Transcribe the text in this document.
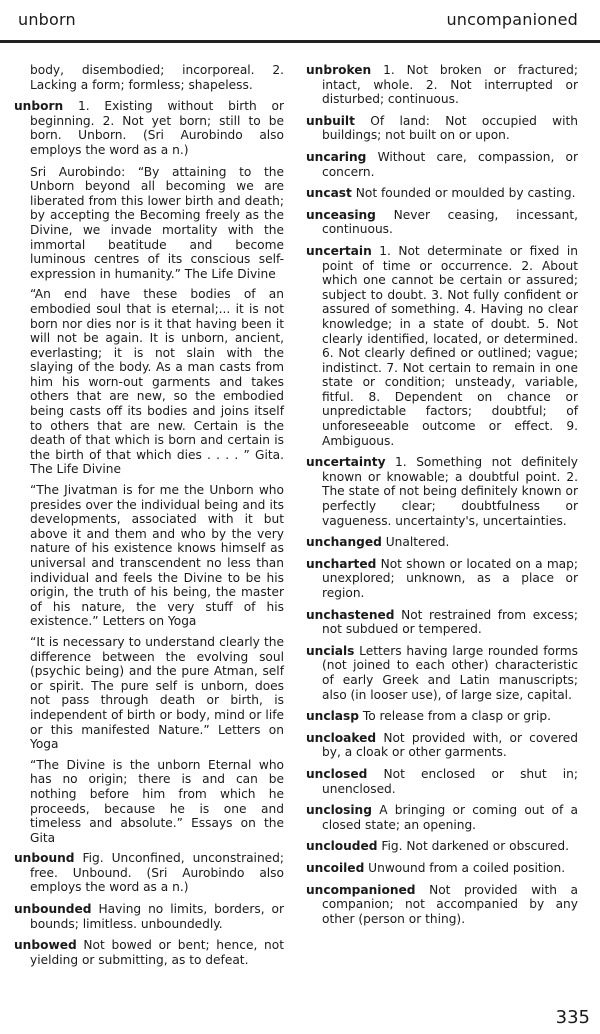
unborn	uncompanioned

body, disembodied; incorporeal. 2. Lacking a form; formless; shapeless.

unborn 1. Existing without birth or beginning. 2. Not yet born; still to be born. Unborn. (Sri Aurobindo also employs the word as a n.)

Sri Aurobindo: “By attaining to the Unborn beyond all becoming we are liberated from this lower birth and death; by accepting the Becoming freely as the Divine, we invade mortality with the immortal beatitude and become luminous centres of its conscious self-expression in humanity.” The Life Divine

“An end have these bodies of an embodied soul that is eternal;... it is not born nor dies nor is it that having been it will not be again. It is unborn, ancient, everlasting; it is not slain with the slaying of the body. As a man casts from him his worn-out garments and takes others that are new, so the embodied being casts off its bodies and joins itself to others that are new. Certain is the death of that which is born and certain is the birth of that which dies . . . . ” Gita. The Life Divine

“The Jivatman is for me the Unborn who presides over the individual being and its developments, associated with it but above it and them and who by the very nature of his existence knows himself as universal and transcendent no less than individual and feels the Divine to be his origin, the truth of his being, the master of his nature, the very stuff of his existence.” Letters on Yoga

“It is necessary to understand clearly the difference between the evolving soul (psychic being) and the pure Atman, self or spirit. The pure self is unborn, does not pass through death or birth, is independent of birth or body, mind or life or this manifested Nature.” Letters on Yoga

“The Divine is the unborn Eternal who has no origin; there is and can be nothing before him from which he proceeds, because he is one and timeless and absolute.” Essays on the Gita

unbound Fig. Unconfined, unconstrained; free. Unbound. (Sri Aurobindo also employs the word as a n.)

unbounded Having no limits, borders, or bounds; limitless. unboundedly.

unbowed Not bowed or bent; hence, not yielding or submitting, as to defeat.

unbroken 1. Not broken or fractured; intact, whole. 2. Not interrupted or disturbed; continuous.

unbuilt Of land: Not occupied with buildings; not built on or upon.

uncaring Without care, compassion, or concern.

uncast Not founded or moulded by casting.

unceasing Never ceasing, incessant, continuous.

uncertain 1. Not determinate or fixed in point of time or occurrence. 2. About which one cannot be certain or assured; subject to doubt. 3. Not fully confident or assured of something. 4. Having no clear knowledge; in a state of doubt. 5. Not clearly identified, located, or determined. 6. Not clearly defined or outlined; vague; indistinct. 7. Not certain to remain in one state or condition; unsteady, variable, fitful. 8. Dependent on chance or unpredictable factors; doubtful; of unforeseeable outcome or effect. 9. Ambiguous.

uncertainty 1. Something not definitely known or knowable; a doubtful point. 2. The state of not being definitely known or perfectly clear; doubtfulness or vagueness. uncertainty's, uncertainties.

unchanged Unaltered.

uncharted Not shown or located on a map; unexplored; unknown, as a place or region.

unchastened Not restrained from excess; not subdued or tempered.

uncials Letters having large rounded forms (not joined to each other) characteristic of early Greek and Latin manuscripts; also (in looser use), of large size, capital.

unclasp To release from a clasp or grip.

uncloaked Not provided with, or covered by, a cloak or other garments.

unclosed Not enclosed or shut in; unenclosed.

unclosing A bringing or coming out of a closed state; an opening.

unclouded Fig. Not darkened or obscured.

uncoiled Unwound from a coiled position.

uncompanioned Not provided with a companion; not accompanied by any other (person or thing).

335
